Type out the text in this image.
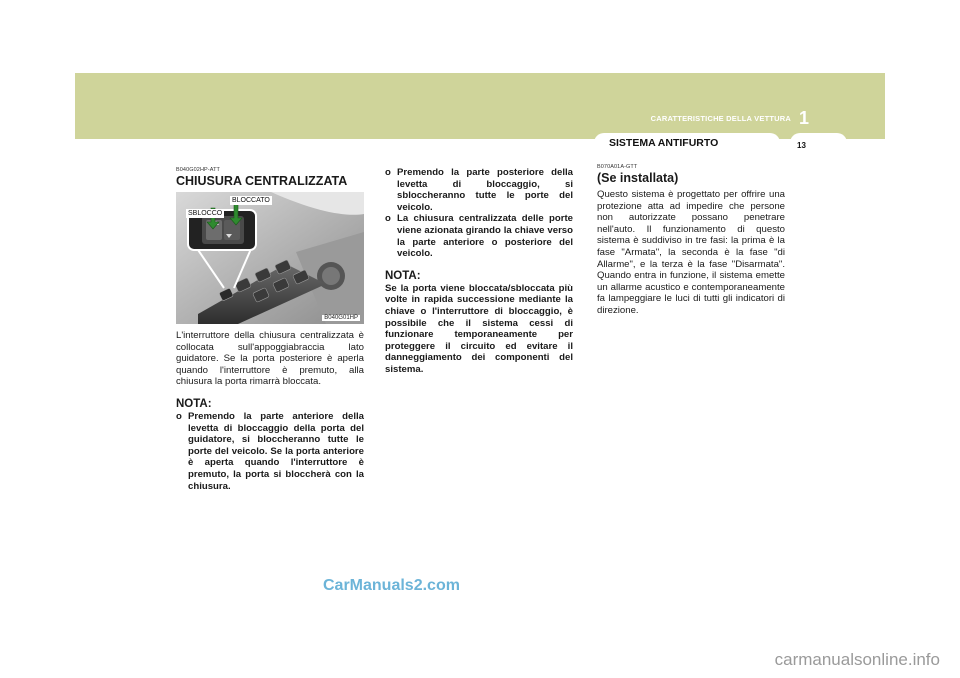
CARATTERISTICHE DELLA VETTURA 1
SISTEMA ANTIFURTO	13
B040G02HP-ATT
CHIUSURA CENTRALIZZATA
BLOCCATO
SBLOCCO
B040G01HP

L'interruttore della chiusura centralizzata è collocata sull'appoggiabraccia lato guidatore. Se la porta posteriore è aperla quando l'interruttore è premuto, alla chiusura la porta rimarrà bloccata.

NOTA:
o Premendo la parte anteriore della levetta di bloccaggio della porta del guidatore, si bloccheranno tutte le porte del veicolo. Se la porta anteriore è aperta quando l'interruttore è premuto, la porta si bloccherà con la chiusura.
o Premendo la parte posteriore della levetta di bloccaggio, si sbloccheranno tutte le porte del veicolo.
o La chiusura centralizzata delle porte viene azionata girando la chiave verso la parte anteriore o posteriore del veicolo.
NOTA:

Se la porta viene bloccata/sbloccata più volte in rapida successione mediante la chiave o l'interruttore di bloccaggio, è possibile che il sistema cessi di funzionare temporaneamente per proteggere il circuito ed evitare il danneggiamento dei componenti del sistema.

B070A01A-GTT
(Se installata)

Questo sistema è progettato per offrire una protezione atta ad impedire che persone non autorizzate possano penetrare nell'auto. Il funzionamento di questo sistema è suddiviso in tre fasi: la prima è la fase "Armata", la seconda è la fase "di Allarme", e la terza è la fase "Disarmata". Quando entra in funzione, il sistema emette un allarme acustico e contemporaneamente fa lampeggiare le luci di tutti gli indicatori di direzione.

CarManuals2.com
carmanualsonline.info
